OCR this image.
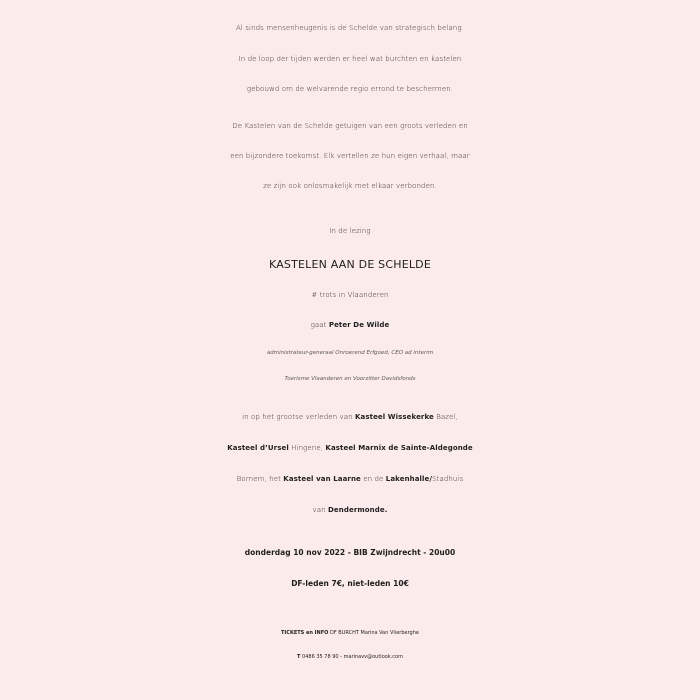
Al sinds mensenheugenis is de Schelde van strategisch belang.
In de loop der tijden werden er heel wat burchten en kastelen
gebouwd om de welvarende regio errond te beschermen.
De Kastelen van de Schelde getuigen van een groots verleden en
een bijzondere toekomst. Elk vertellen ze hun eigen verhaal, maar
ze zijn ook onlosmakelijk met elkaar verbonden.
In de lezing
KASTELEN AAN DE SCHELDE
# trots in Vlaanderen
gaat Peter De Wilde
administrateur-generaal Onroerend Erfgoed, CEO ad interim
Toerisme Vlaanderen en Voorzitter Davidsfonds
in op het grootse verleden van Kasteel Wissekerke Bazel,
Kasteel d’Ursel Hingene, Kasteel Marnix de Sainte-Aldegonde
Bornem, het Kasteel van Laarne en de Lakenhalle/Stadhuis
van Dendermonde.
donderdag 10 nov 2022 - BIB Zwijndrecht - 20u00
DF-leden 7€, niet-leden 10€
TICKETS en INFO DF BURCHT Marina Van Vlierberghe
T 0486 35 78 90 - marinavv@outlook.com
